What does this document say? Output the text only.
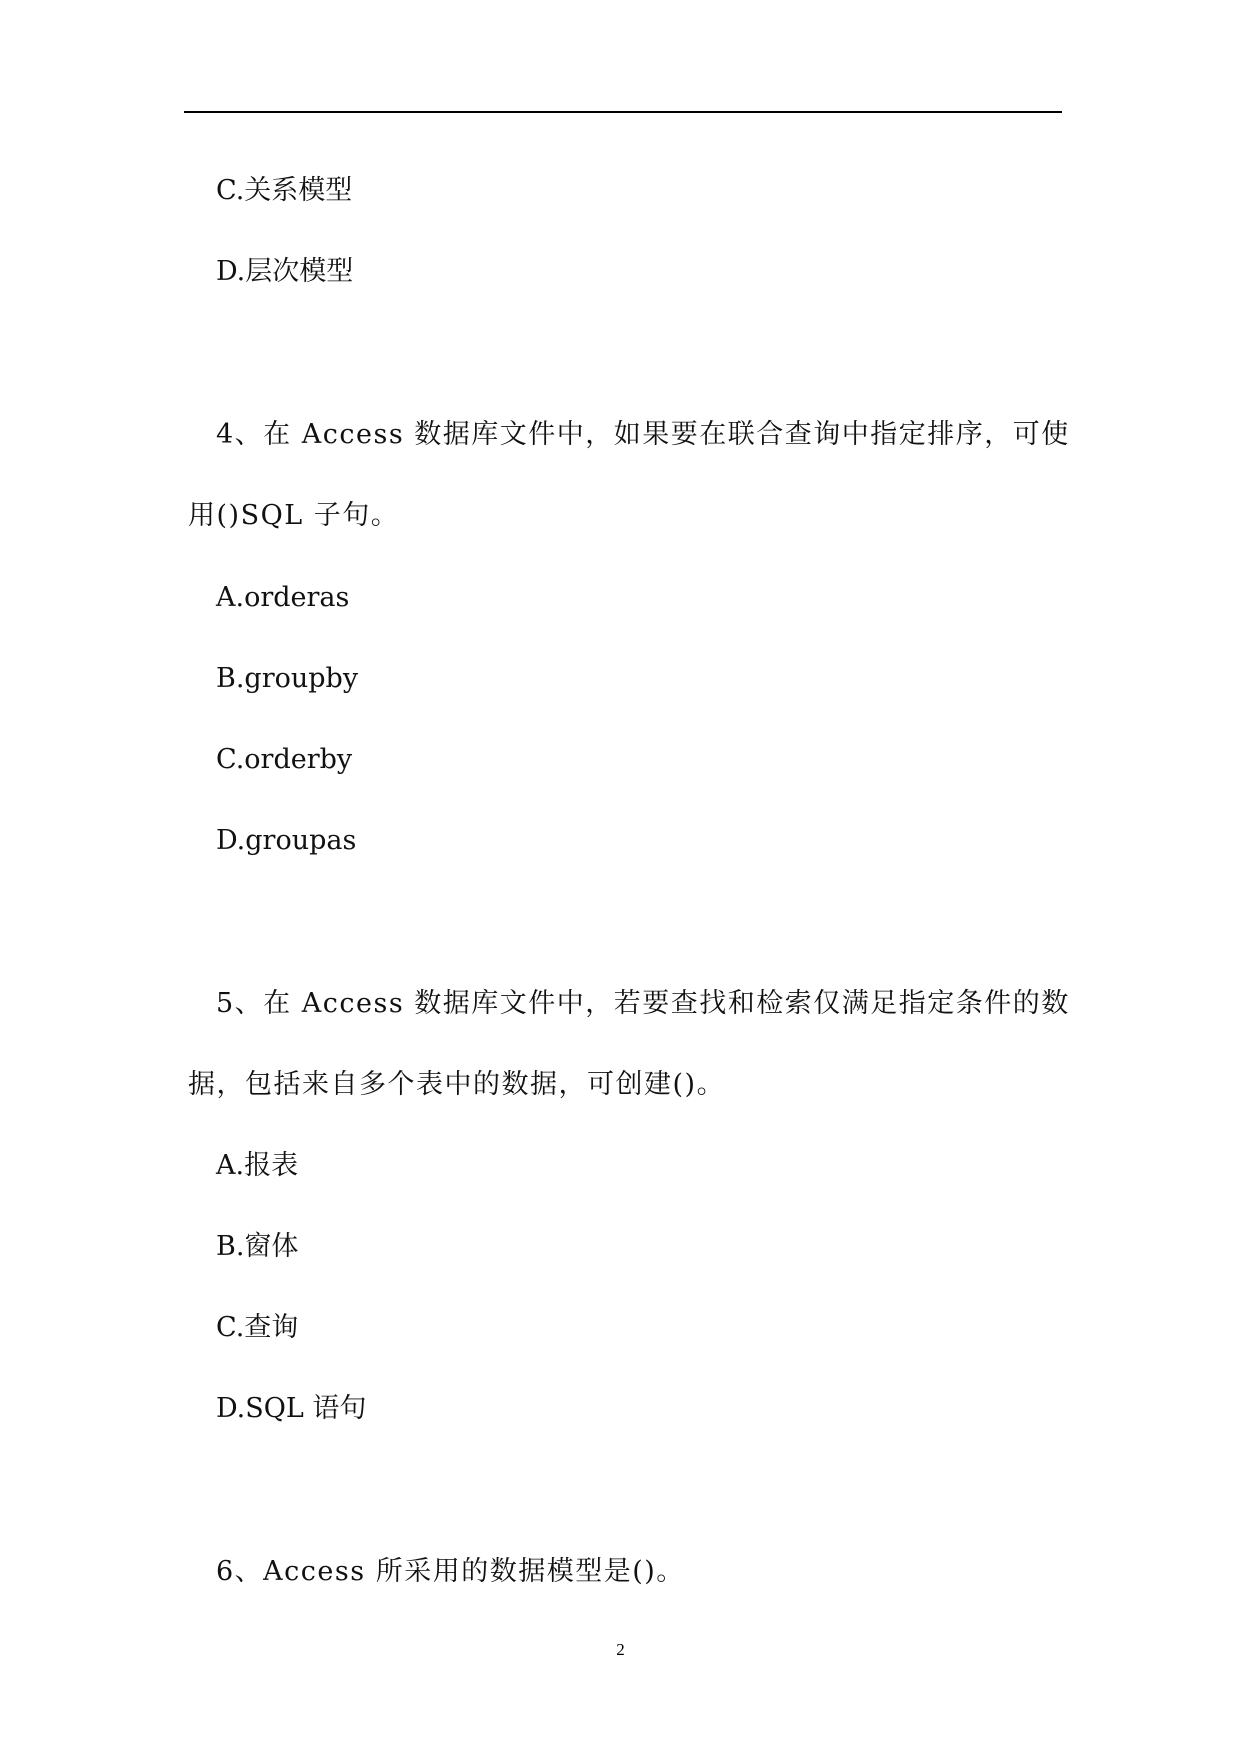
C.关系模型
D.层次模型
4、在 Access 数据库文件中，如果要在联合查询中指定排序，可使
用()SQL 子句。
A.orderas
B.groupby
C.orderby
D.groupas
5、在 Access 数据库文件中，若要查找和检索仅满足指定条件的数
据，包括来自多个表中的数据，可创建()。
A.报表
B.窗体
C.查询
D.SQL 语句
6、Access 所采用的数据模型是()。
2
